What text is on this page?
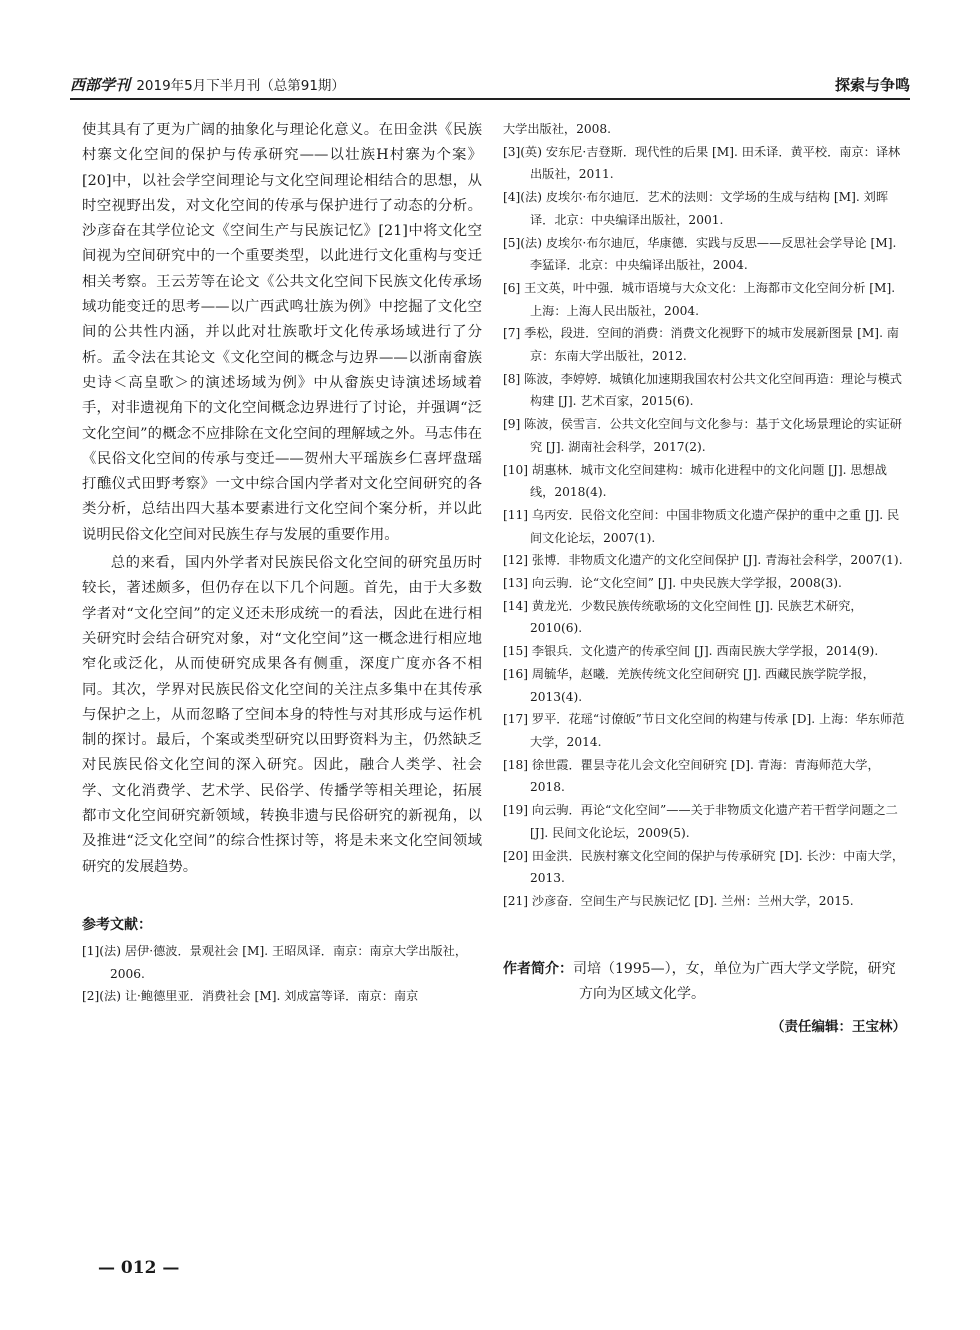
西部学刊 2019年5月下半月刊（总第91期）	探索与争鸣

使其具有了更为广阔的抽象化与理论化意义。在田金洪《民族村寨文化空间的保护与传承研究——以壮族H村寨为个案》[20]中，以社会学空间理论与文化空间理论相结合的思想，从时空视野出发，对文化空间的传承与保护进行了动态的分析。沙彦奋在其学位论文《空间生产与民族记忆》[21]中将文化空间视为空间研究中的一个重要类型，以此进行文化重构与变迁相关考察。王云芳等在论文《公共文化空间下民族文化传承场域功能变迁的思考——以广西武鸣壮族为例》中挖掘了文化空间的公共性内涵，并以此对壮族歌圩文化传承场域进行了分析。孟令法在其论文《文化空间的概念与边界——以浙南畲族史诗＜高皇歌＞的演述场域为例》中从畲族史诗演述场域着手，对非遗视角下的文化空间概念边界进行了讨论，并强调“泛文化空间”的概念不应排除在文化空间的理解域之外。马志伟在《民俗文化空间的传承与变迁——贺州大平瑶族乡仁喜坪盘瑶打醮仪式田野考察》一文中综合国内学者对文化空间研究的各类分析，总结出四大基本要素进行文化空间个案分析，并以此说明民俗文化空间对民族生存与发展的重要作用。

总的来看，国内外学者对民族民俗文化空间的研究虽历时较长，著述颇多，但仍存在以下几个问题。首先，由于大多数学者对“文化空间”的定义还未形成统一的看法，因此在进行相关研究时会结合研究对象，对“文化空间”这一概念进行相应地窄化或泛化，从而使研究成果各有侧重，深度广度亦各不相同。其次，学界对民族民俗文化空间的关注点多集中在其传承与保护之上，从而忽略了空间本身的特性与对其形成与运作机制的探讨。最后，个案或类型研究以田野资料为主，仍然缺乏对民族民俗文化空间的深入研究。因此，融合人类学、社会学、文化消费学、艺术学、民俗学、传播学等相关理论，拓展都市文化空间研究新领域，转换非遗与民俗研究的新视角，以及推进“泛文化空间”的综合性探讨等，将是未来文化空间领域研究的发展趋势。

参考文献：

[1](法) 居伊·德波．景观社会 [M]. 王昭凤译．南京：南京大学出版社，2006.

[2](法) 让·鲍德里亚．消费社会 [M]. 刘成富等译．南京：南京

大学出版社，2008.

[3](英) 安东尼·吉登斯．现代性的后果 [M]. 田禾译．黄平校．南京：译林出版社，2011.

[4](法) 皮埃尔·布尔迪厄．艺术的法则：文学场的生成与结构 [M]. 刘晖译．北京：中央编译出版社，2001.

[5](法) 皮埃尔·布尔迪厄，华康德．实践与反思——反思社会学导论 [M]. 李猛译．北京：中央编译出版社，2004.

[6] 王文英，叶中强．城市语境与大众文化：上海都市文化空间分析 [M]. 上海：上海人民出版社，2004.

[7] 季松，段进．空间的消费：消费文化视野下的城市发展新图景 [M]. 南京：东南大学出版社，2012.

[8] 陈波，李婷婷．城镇化加速期我国农村公共文化空间再造：理论与模式构建 [J]. 艺术百家，2015(6).

[9] 陈波，侯雪言．公共文化空间与文化参与：基于文化场景理论的实证研究 [J]. 湖南社会科学，2017(2).

[10] 胡惠林．城市文化空间建构：城市化进程中的文化问题 [J]. 思想战线，2018(4).

[11] 乌丙安．民俗文化空间：中国非物质文化遗产保护的重中之重 [J]. 民间文化论坛，2007(1).

[12] 张博．非物质文化遗产的文化空间保护 [J]. 青海社会科学，2007(1).

[13] 向云驹．论“文化空间” [J]. 中央民族大学学报，2008(3).

[14] 黄龙光．少数民族传统歌场的文化空间性 [J]. 民族艺术研究，2010(6).

[15] 李银兵．文化遗产的传承空间 [J]. 西南民族大学学报，2014(9).

[16] 周毓华，赵曦．羌族传统文化空间研究 [J]. 西藏民族学院学报，2013(4).

[17] 罗平．花瑶“讨僚皈”节日文化空间的构建与传承 [D]. 上海：华东师范大学，2014.

[18] 徐世霞．瞿昙寺花儿会文化空间研究 [D]. 青海：青海师范大学，2018.

[19] 向云驹．再论“文化空间”——关于非物质文化遗产若干哲学问题之二 [J]. 民间文化论坛，2009(5).

[20] 田金洪．民族村寨文化空间的保护与传承研究 [D]. 长沙：中南大学，2013.

[21] 沙彦奋．空间生产与民族记忆 [D]. 兰州：兰州大学，2015.

作者简介：司培（1995—），女，单位为广西大学文学院，研究方向为区域文化学。
（责任编辑：王宝林）
— 012 —
